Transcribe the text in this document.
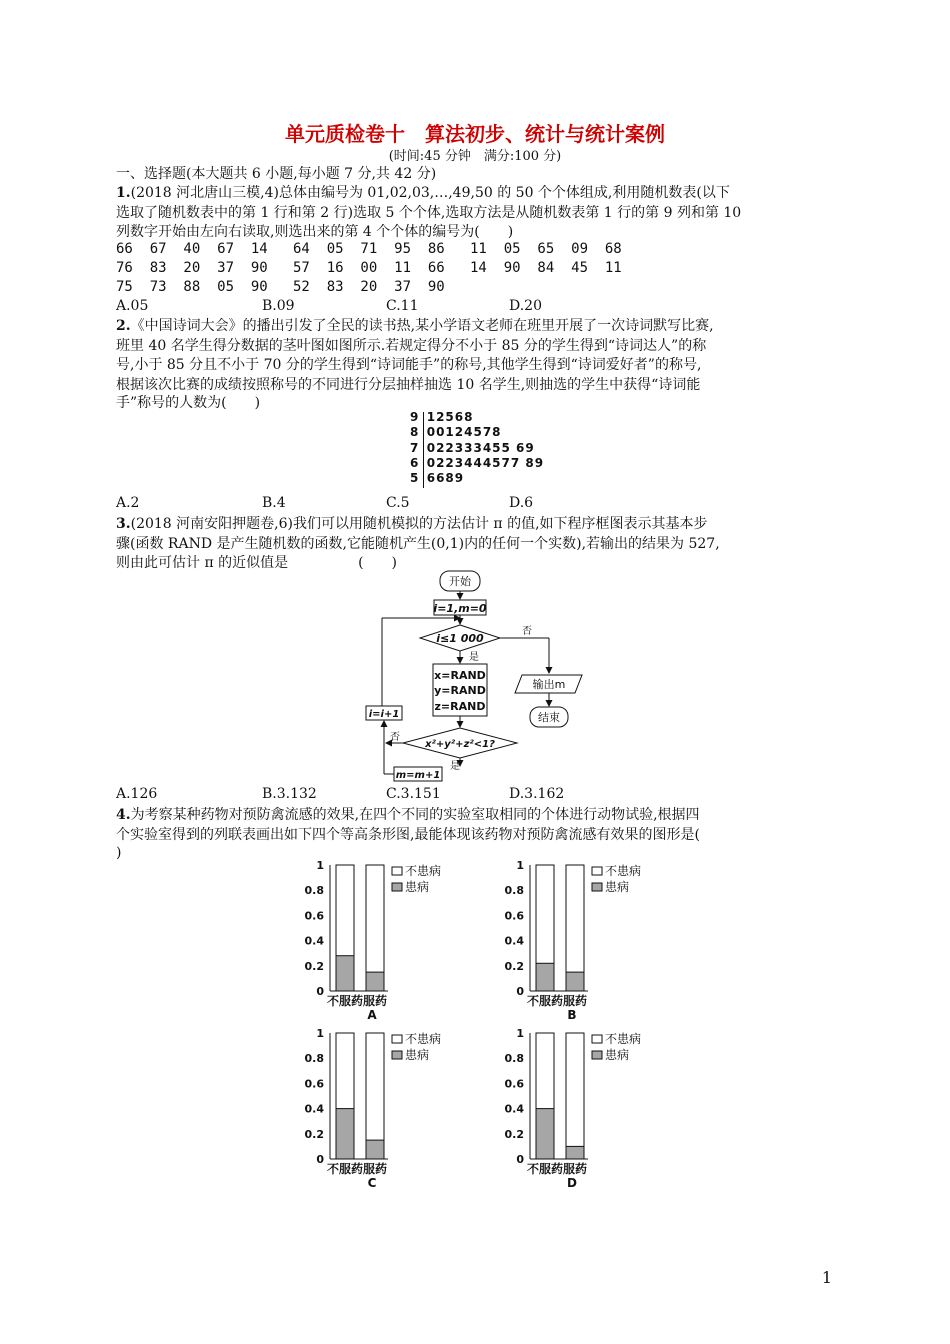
单元质检卷十　算法初步、统计与统计案例
(时间:45 分钟　满分:100 分)
一、选择题(本大题共 6 小题,每小题 7 分,共 42 分)
1.(2018 河北唐山三模,4)总体由编号为 01,02,03,…,49,50 的 50 个个体组成,利用随机数表(以下
选取了随机数表中的第 1 行和第 2 行)选取 5 个个体,选取方法是从随机数表第 1 行的第 9 列和第 10
列数字开始由左向右读取,则选出来的第 4 个个体的编号为(　　)
66  67  40  67  14   64  05  71  95  86   11  05  65  09  68
76  83  20  37  90   57  16  00  11  66   14  90  84  45  11
75  73  88  05  90   52  83  20  37  90
A.05	B.09	C.11	D.20
2.《中国诗词大会》的播出引发了全民的读书热,某小学语文老师在班里开展了一次诗词默写比赛,
班里 40 名学生得分数据的茎叶图如图所示.若规定得分不小于 85 分的学生得到“诗词达人”的称
号,小于 85 分且不小于 70 分的学生得到“诗词能手”的称号,其他学生得到“诗词爱好者”的称号,
根据该次比赛的成绩按照称号的不同进行分层抽样抽选 10 名学生,则抽选的学生中获得“诗词能
手”称号的人数为(　　)
9 12568
8 00124578
7 022333455 69
6 0223444577 89
5 6689
A.2	B.4	C.5	D.6
3.(2018 河南安阳押题卷,6)我们可以用随机模拟的方法估计 π 的值,如下程序框图表示其基本步
骤(函数 RAND 是产生随机数的函数,它能随机产生(0,1)内的任何一个实数),若输出的结果为 527,
则由此可估计 π 的近似值是　　　　　(　　)
开始
i=1,m=0
i≤1 000
否
是
x=RAND
y=RAND
z=RAND
输出m
结束
x²+y²+z²<1?
否
是
m=m+1
i=i+1
A.126	B.3.132	C.3.151	D.3.162
4.为考察某种药物对预防禽流感的效果,在四个不同的实验室取相同的个体进行动物试验,根据四
个实验室得到的列联表画出如下四个等高条形图,最能体现该药物对预防禽流感有效果的图形是(
)
1
0.8
0.6
0.4
0.2
0
不服药 服药
A
不患病
患病
1
0.8
0.6
0.4
0.2
0
不服药 服药
B
不患病
患病
1
0.8
0.6
0.4
0.2
0
不服药 服药
C
不患病
患病
1
0.8
0.6
0.4
0.2
0
不服药 服药
D
不患病
患病
1
